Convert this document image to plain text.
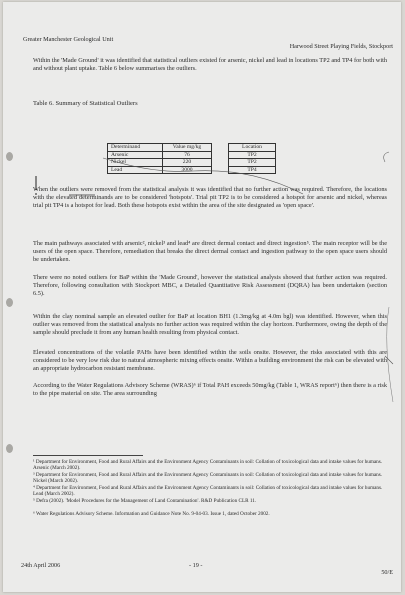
Greater Manchester Geological Unit
Harwood Street Playing Fields, Stockport
Within the 'Made Ground' it was identified that statistical outliers existed for arsenic, nickel and lead in locations TP2 and TP4 for both with and without plant uptake. Table 6 below summarises the outliers.
Table 6. Summary of Statistical Outliers
Determinand	Value mg/kg		Location
Arsenic	76		TP2
Nickel	220		TP2
Lead	3000		TP4
When the outliers were removed from the statistical analysis it was identified that no further action was required. Therefore, the locations with the elevated determinands are to be considered 'hotspots'. Trial pit TP2 is to be considered a hotspot for arsenic and nickel, whereas trial pit TP4 is a hotspot for lead. Both these hotspots exist within the area of the site designated as 'open space'.
The main pathways associated with arsenic², nickel³ and lead⁴ are direct dermal contact and direct ingestion⁵. The main receptor will be the users of the open space. Therefore, remediation that breaks the direct dermal contact and ingestion pathway to the open space users should be undertaken.
There were no noted outliers for BaP within the 'Made Ground', however the statistical analysis showed that further action was required. Therefore, following consultation with Stockport MBC, a Detailed Quantitative Risk Assessment (DQRA) has been undertaken (section 6.5).
Within the clay nominal sample an elevated outlier for BaP at location BH1 (1.3mg/kg at 4.0m bgl) was identified. However, when this outlier was removed from the statistical analysis no further action was required within the clay horizon. Furthermore, owing the depth of the sample should preclude it from any human health resulting from physical contact.
Elevated concentrations of the volatile PAHs have been identified within the soils onsite. However, the risks associated with this are considered to be very low risk due to natural atmospheric mixing effects onsite. Within a building environment the risk can be elevated with an appropriate hydrocarbon resistant membrane.
According to the Water Regulations Advisory Scheme (WRAS)⁶ if Total PAH exceeds 50mg/kg (Table 1, WRAS report⁶) then there is a risk to the pipe material on site. The area surrounding
¹ Department for Environment, Food and Rural Affairs and the Environment Agency Contaminants in soil: Collation of toxicological data and intake values for humans. Arsenic (March 2002).
³ Department for Environment, Food and Rural Affairs and the Environment Agency Contaminants in soil: Collation of toxicological data and intake values for humans. Nickel (March 2002).
⁴ Department for Environment, Food and Rural Affairs and the Environment Agency Contaminants in soil: Collation of toxicological data and intake values for humans. Lead (March 2002).
⁵ Defra (2002). 'Model Procedures for the Management of Land Contamination'. R&D Publication CLR 11.
⁶ Water Regulations Advisory Scheme. Information and Guidance Note No. 9-04-03. Issue 1, dated October 2002.
24th April 2006	- 19 -
50/E
